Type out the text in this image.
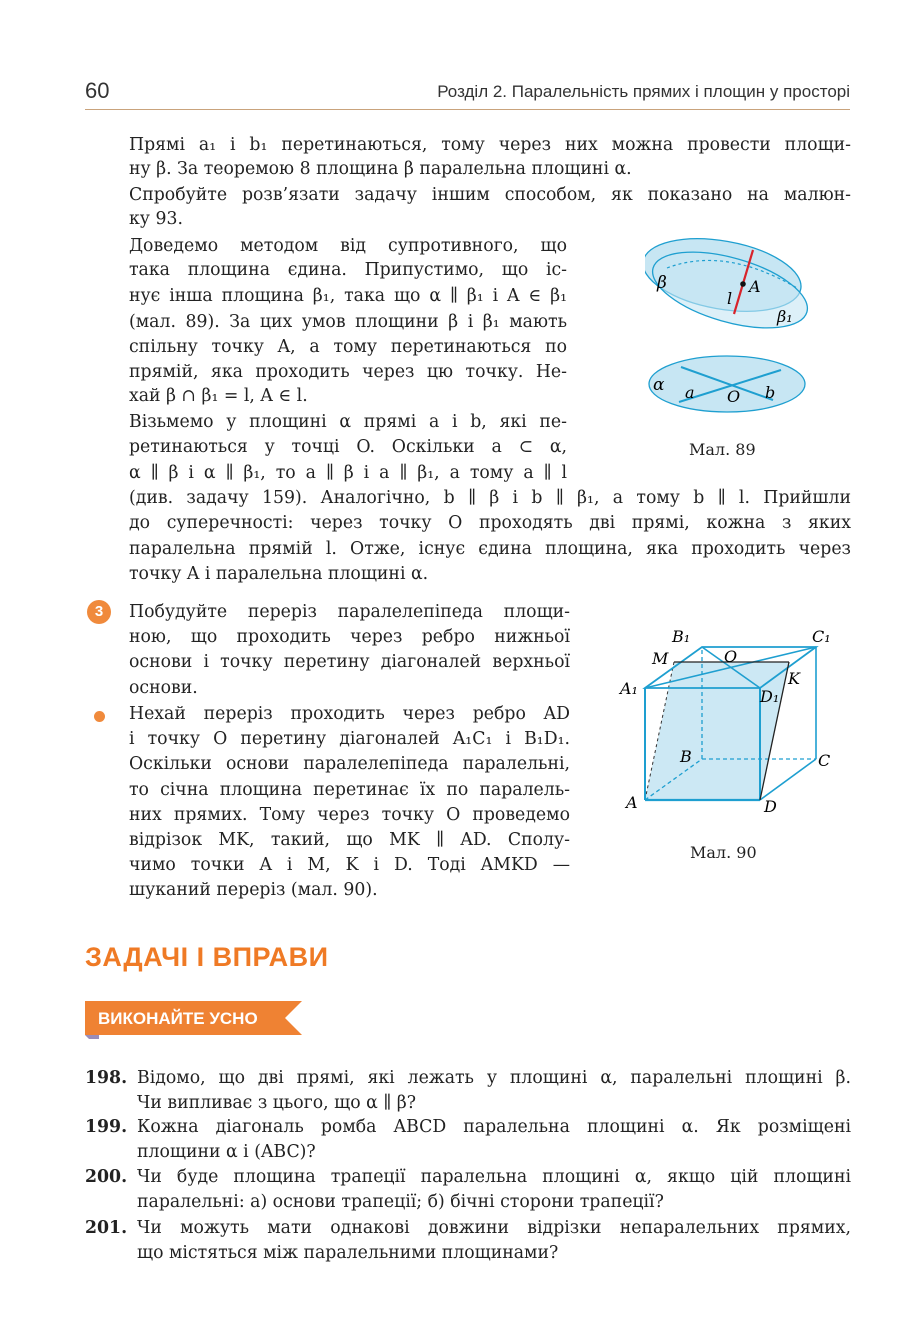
60	Розділ 2. Паралельність прямих і площин у просторі
Прямі a₁ і b₁ перетинаються, тому через них можна провести площи-
ну β. За теоремою 8 площина β паралельна площині α.
Спробуйте розв’язати задачу іншим способом, як показано на малюн-
ку 93.
Доведемо методом від супротивного, що
така площина єдина. Припустимо, що іс-
нує інша площина β₁, така що α ∥ β₁ і A ∈ β₁
(мал. 89). За цих умов площини β і β₁ мають
спільну точку A, а тому перетинаються по
прямій, яка проходить через цю точку. Не-
хай β ∩ β₁ = l, A ∈ l.
Візьмемо у площині α прямі a і b, які пе-
ретинаються у точці O. Оскільки a ⊂ α,
α ∥ β і α ∥ β₁, то a ∥ β і a ∥ β₁, а тому a ∥ l
(див. задачу 159). Аналогічно, b ∥ β і b ∥ β₁, а тому b ∥ l. Прийшли
до суперечності: через точку O проходять дві прямі, кожна з яких
паралельна прямій l. Отже, існує єдина площина, яка проходить через
точку A і паралельна площині α.
β	A
l
β₁
α a O b
Мал. 89
3	Побудуйте переріз паралелепіпеда площи-
ною, що проходить через ребро нижньої
основи і точку перетину діагоналей верхньої
основи.
Нехай переріз проходить через ребро AD
і точку O перетину діагоналей A₁C₁ і B₁D₁.
Оскільки основи паралелепіпеда паралельні,
то січна площина перетинає їх по паралель-
них прямих. Тому через точку O проведемо
відрізок MK, такий, що MK ∥ AD. Сполу-
чимо точки A і M, K і D. Тоді AMKD —
шуканий переріз (мал. 90).
B₁	C₁
M	O
K
A₁	D₁
B	C
A	D
Мал. 90
ЗАДАЧІ І ВПРАВИ
ВИКОНАЙТЕ УСНО
198. Відомо, що дві прямі, які лежать у площині α, паралельні площині β.
Чи випливає з цього, що α ∥ β?
199. Кожна діагональ ромба ABCD паралельна площині α. Як розміщені
площини α і (ABC)?
200. Чи буде площина трапеції паралельна площині α, якщо цій площині
паралельні: а) основи трапеції; б) бічні сторони трапеції?
201. Чи можуть мати однакові довжини відрізки непаралельних прямих,
що містяться між паралельними площинами?
